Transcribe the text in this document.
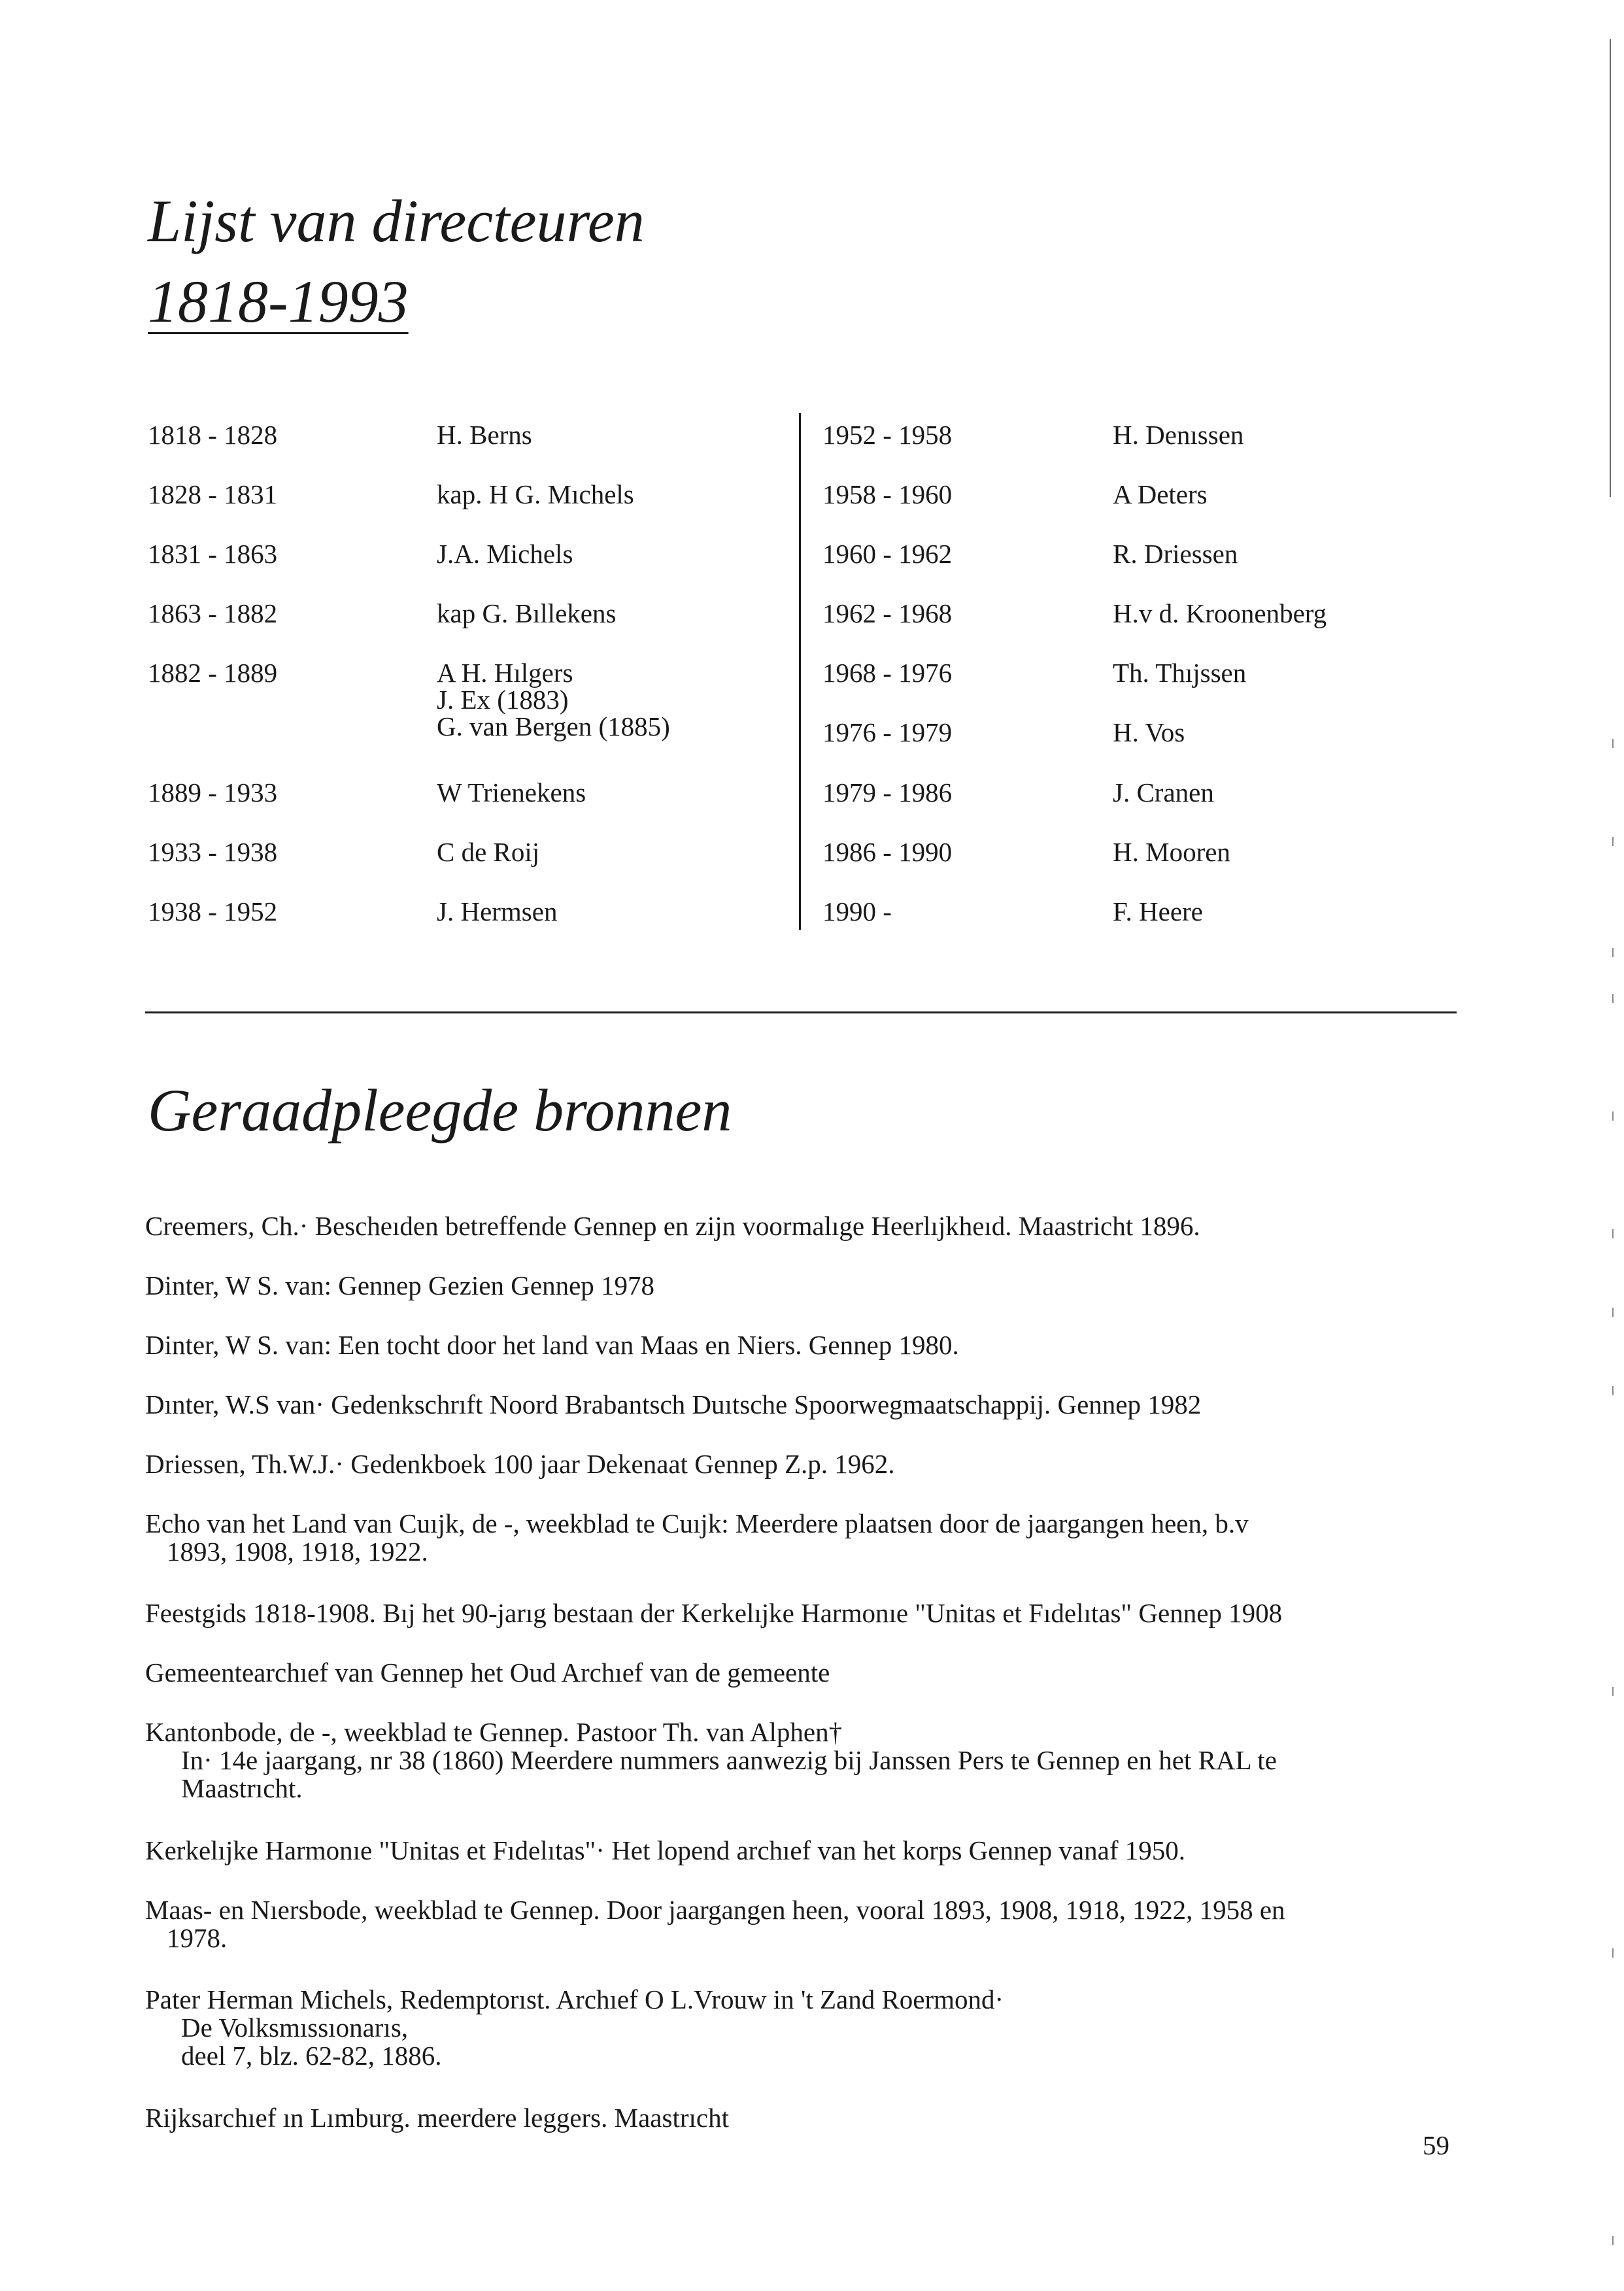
Lijst van directeuren
1818-1993
1818 - 1828	H. Berns
1828 - 1831	kap. H G. Mıchels
1831 - 1863	J.A. Michels
1863 - 1882	kap G. Bıllekens
1882 - 1889	A H. Hılgers
J. Ex (1883)
G. van Bergen (1885)
1889 - 1933	W Trienekens
1933 - 1938	C de Roij
1938 - 1952	J. Hermsen
1952 - 1958	H. Denıssen
1958 - 1960	A Deters
1960 - 1962	R. Driessen
1962 - 1968	H.v d. Kroonenberg
1968 - 1976	Th. Thıjssen
1976 - 1979	H. Vos
1979 - 1986	J. Cranen
1986 - 1990	H. Mooren
1990 -	F. Heere
Geraadpleegde bronnen
Creemers, Ch.· Bescheıden betreffende Gennep en zijn voormalıge Heerlıjkheıd. Maastricht 1896.
Dinter, W S. van: Gennep Gezien Gennep 1978
Dinter, W S. van: Een tocht door het land van Maas en Niers. Gennep 1980.
Dınter, W.S van· Gedenkschrıft Noord Brabantsch Duıtsche Spoorwegmaatschappij. Gennep 1982
Driessen, Th.W.J.· Gedenkboek 100 jaar Dekenaat Gennep Z.p. 1962.
Echo van het Land van Cuıjk, de -, weekblad te Cuıjk: Meerdere plaatsen door de jaargangen heen, b.v
1893, 1908, 1918, 1922.
Feestgids 1818-1908. Bıj het 90-jarıg bestaan der Kerkelıjke Harmonıe "Unitas et Fıdelıtas" Gennep 1908
Gemeentearchıef van Gennep het Oud Archıef van de gemeente
Kantonbode, de -, weekblad te Gennep. Pastoor Th. van Alphen†
In· 14e jaargang, nr 38 (1860) Meerdere nummers aanwezig bij Janssen Pers te Gennep en het RAL te
Maastrıcht.
Kerkelıjke Harmonıe "Unitas et Fıdelıtas"· Het lopend archıef van het korps Gennep vanaf 1950.
Maas- en Nıersbode, weekblad te Gennep. Door jaargangen heen, vooral 1893, 1908, 1918, 1922, 1958 en
1978.
Pater Herman Michels, Redemptorıst. Archıef O L.Vrouw in 't Zand Roermond·
De Volksmıssıonarıs,
deel 7, blz. 62-82, 1886.
Rijksarchıef ın Lımburg. meerdere leggers. Maastrıcht
59
